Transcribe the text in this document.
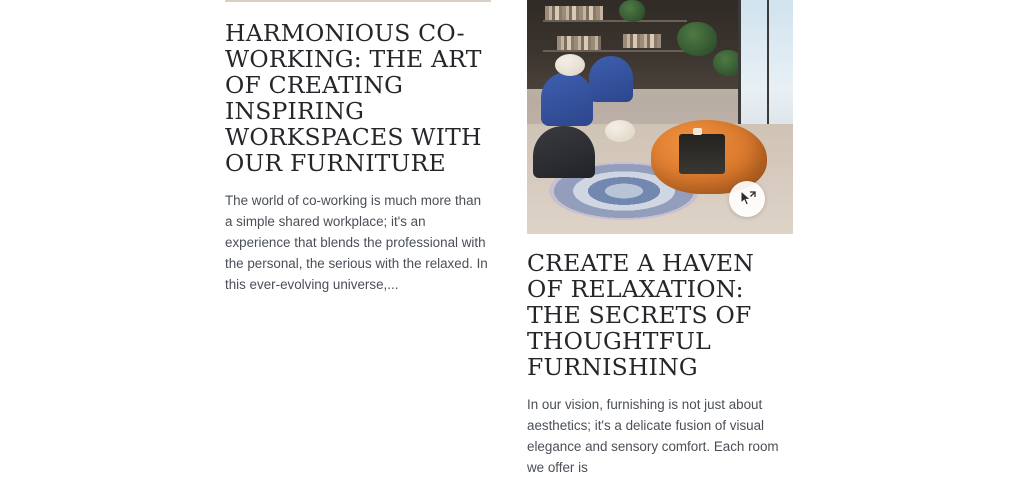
HARMONIOUS CO-WORKING: THE ART OF CREATING INSPIRING WORKSPACES WITH OUR FURNITURE

The world of co-working is much more than a simple shared workplace; it's an experience that blends the professional with the personal, the serious with the relaxed. In this ever-evolving universe,...

CREATE A HAVEN OF RELAXATION: THE SECRETS OF THOUGHTFUL FURNISHING

In our vision, furnishing is not just about aesthetics; it's a delicate fusion of visual elegance and sensory comfort. Each room we offer is
